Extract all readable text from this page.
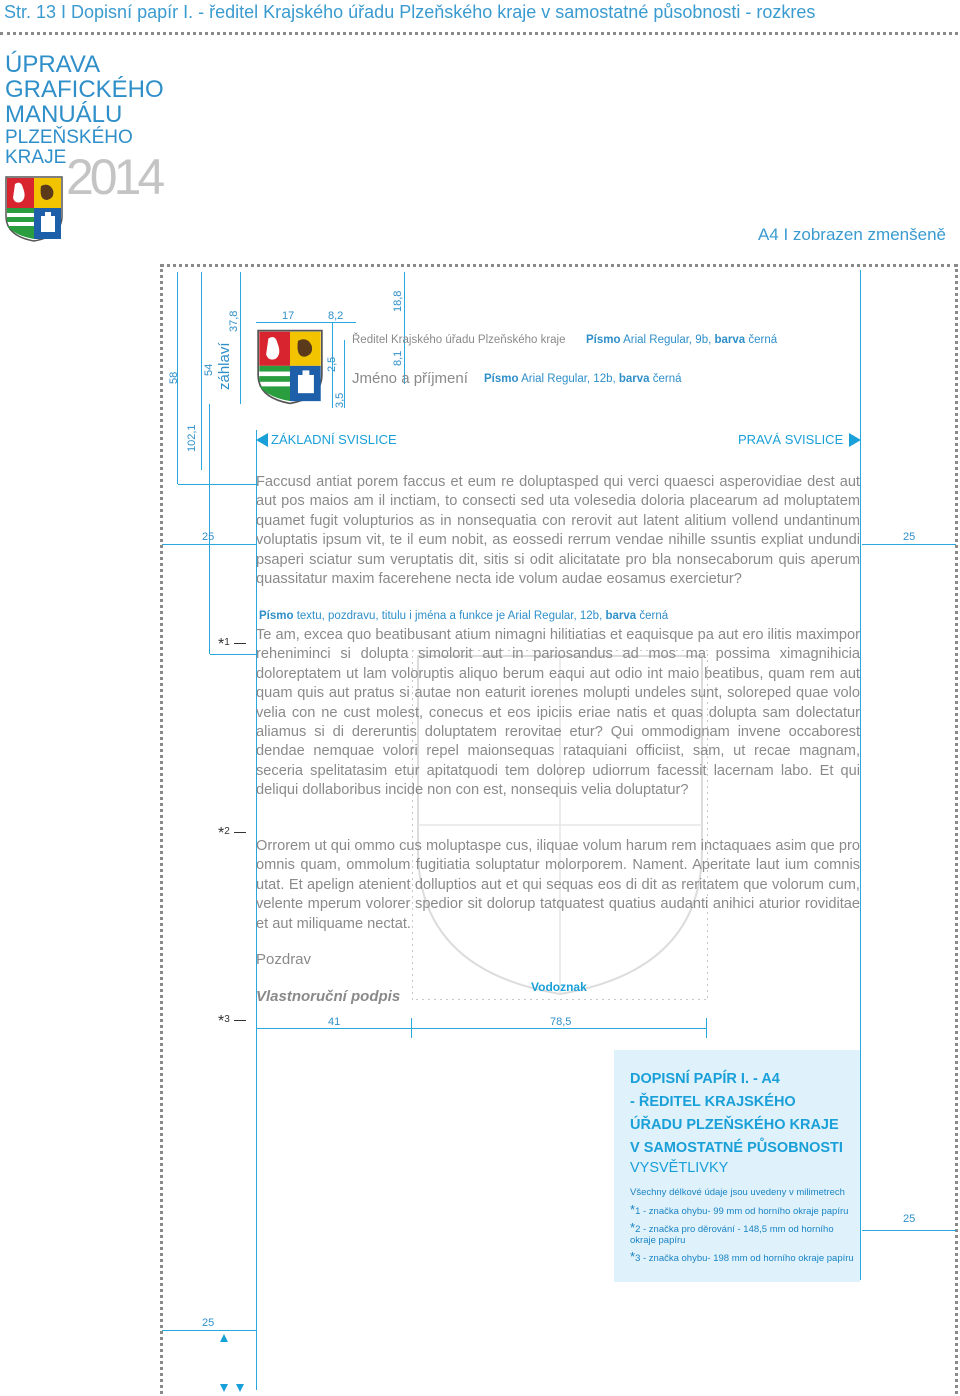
Str. 13 I Dopisní papír I. - ředitel Krajského úřadu Plzeňského kraje v samostatné působnosti - rozkres
ÚPRAVA
GRAFICKÉHO
MANUÁLU
PLZEŇSKÉHO
KRAJE 2014
A4 I zobrazen zmenšeně
58
54 záhlaví
37,8	17	8,2
18,8
2,5	8,1
3,5
102,1
25	25
25
25
Ředitel Krajského úřadu Plzeňského kraje Písmo Arial Regular, 9b, barva černá
Jméno a příjmení Písmo Arial Regular, 12b, barva černá
ZÁKLADNÍ SVISLICE	PRAVÁ SVISLICE
Vodoznak
Faccusd antiat porem faccus et eum re doluptasped qui verci quaesci asperovidiae dest aut aut pos maios am il inctiam, to consecti sed uta volesedia doloria placearum ad moluptatem quamet fugit volupturios as in nonsequatia con rerovit aut latent alitium vollend undantinum voluptatis ipsum vit, te il eum nobit, as eossedi rerrum vendae nihille ssuntis expliat undundi psaperi sciatur sum veruptatis dit, sitis si odit alicitatate pro bla nonsecaborum quis aperum quassitatur maxim facerehene necta ide volum audae eosamus exercietur?
Písmo textu, pozdravu, titulu i jména a funkce je Arial Regular, 12b, barva černá
Te am, excea quo beatibusant atium nimagni hilitiatias et eaquisque pa aut ero ilitis maximpor reheniminci si dolupta simolorit aut in pariosandus ad mos ma possima ximagnihicia doloreptatem ut lam voloruptis aliquo berum eaqui aut odio int maio beatibus, quam rem aut quam quis aut pratus si autae non eaturit iorenes molupti undeles sunt, soloreped quae volo velia con ne cust molest, conecus et eos ipiciis eriae natis et quas dolupta sam dolectatur aliamus si di dereruntis doluptatem rerovitae etur? Qui ommodignam invene occaborest dendae nemquae volori repel maionsequas rataquiani officiist, sam, ut recae magnam, seceria spelitatasim etur apitatquodi tem dolorep udiorrum facessit lacernam labo. Et qui deliqui dollaboribus incide non con est, nonsequis velia doluptatur?
Orrorem ut qui ommo cus moluptaspe cus, iliquae volum harum rem inctaquaes asim que pro omnis quam, ommolum fugitiatia soluptatur molorporem. Nament. Aperitate laut ium comnis utat. Et apelign atenient dolluptios aut et qui sequas eos di dit as reritatem que volorum cum, velente mperum volorer spedior sit dolorup tatquatest quatius audanti anihici aturior roviditae et aut miliquame nectat.
Pozdrav
Vlastnoruční podpis
41	78,5
*$^1$
*$^2$
*$^3$
DOPISNÍ PAPÍR I. - A4
- ŘEDITEL KRAJSKÉHO
ÚŘADU PLZEŇSKÉHO KRAJE
V SAMOSTATNÉ PŮSOBNOSTI
VYSVĚTLIVKY
Všechny délkové údaje jsou uvedeny v milimetrech
*1 - značka ohybu- 99 mm od horního okraje papíru
*2 - značka pro děrování - 148,5 mm od horního okraje papíru
*3 - značka ohybu- 198 mm od horního okraje papíru
